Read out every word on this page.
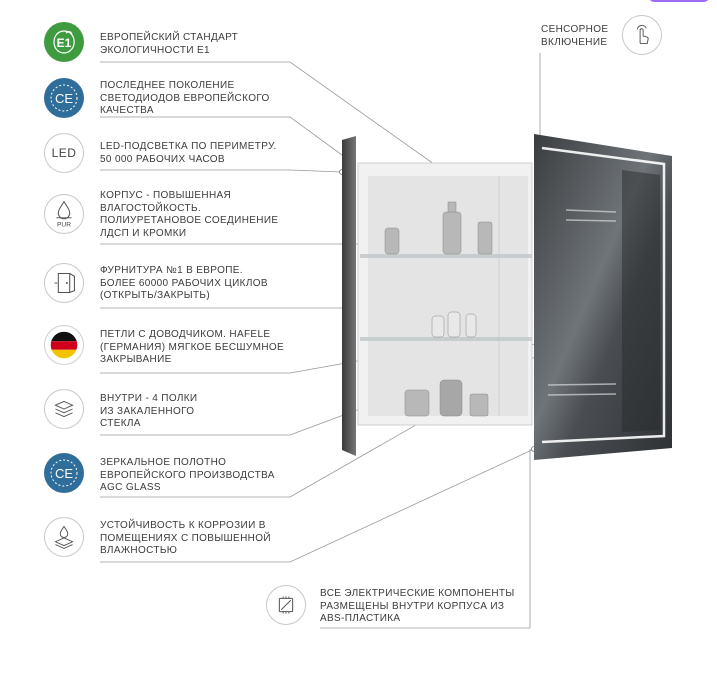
E1	ЕВРОПЕЙСКИЙ СТАНДАРТ
ЭКОЛОГИЧНОСТИ E1
CE
ПОСЛЕДНЕЕ ПОКОЛЕНИЕ
СВЕТОДИОДОВ ЕВРОПЕЙСКОГО
КАЧЕСТВА
LED LED-ПОДСВЕТКА ПО ПЕРИМЕТРУ.
50 000 РАБОЧИХ ЧАСОВ
PUR
КОРПУС - ПОВЫШЕННАЯ
ВЛАГОСТОЙКОСТЬ.
ПОЛИУРЕТАНОВОЕ СОЕДИНЕНИЕ
ЛДСП И КРОМКИ
ФУРНИТУРА №1 В ЕВРОПЕ.
БОЛЕЕ 60000 РАБОЧИХ ЦИКЛОВ
(ОТКРЫТЬ/ЗАКРЫТЬ)
ПЕТЛИ С ДОВОДЧИКОМ. HAFELE
(ГЕРМАНИЯ) МЯГКОЕ БЕСШУМНОЕ
ЗАКРЫВАНИЕ
ВНУТРИ - 4 ПОЛКИ
ИЗ ЗАКАЛЕННОГО
СТЕКЛА
CE
ЗЕРКАЛЬНОЕ ПОЛОТНО
ЕВРОПЕЙСКОГО ПРОИЗВОДСТВА
AGC GLASS
УСТОЙЧИВОСТЬ К КОРРОЗИИ В
ПОМЕЩЕНИЯХ С ПОВЫШЕННОЙ
ВЛАЖНОСТЬЮ
СЕНСОРНОЕ
ВКЛЮЧЕНИЕ
ВСЕ ЭЛЕКТРИЧЕСКИЕ КОМПОНЕНТЫ
РАЗМЕЩЕНЫ ВНУТРИ КОРПУСА ИЗ
ABS-ПЛАСТИКА
